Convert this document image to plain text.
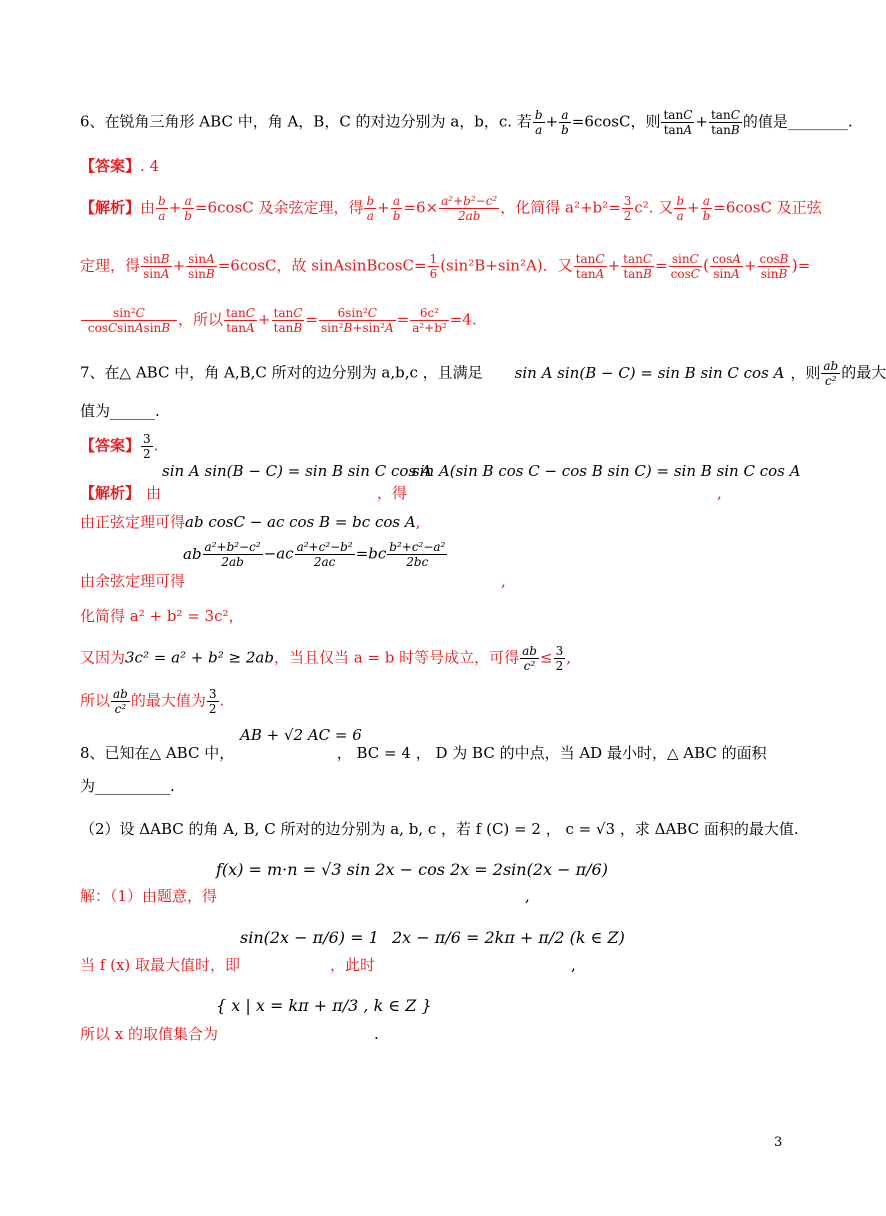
6、在锐角三角形 ABC 中，角 A，B，C 的对边分别为 a，b，c. 若 $\frac{b}{a} + \frac{a}{b} =6\cos C$，则 $\frac{\tan C}{\tan A} + \frac{\tan C}{\tan B}$ 的值是________.
【答案】. 4
【解析】由 $\frac{b}{a} + \frac{a}{b} =6\cos C$ 及余弦定理，得 $\frac{b}{a} + \frac{a}{b} =6\times \frac{\text{a²+b²−c²}}{2ab}$ ，化简得 $a^2+b^2= \frac{3}{2} c^2$. 又 $\frac{b}{a} + \frac{a}{b} =6\cos C$ 及正弦
定理，得 $\frac{\sin B}{\sin A} + \frac{\sin A}{\sin B} =6\cos C$，故 sinAsinBcosC= $\frac{1}{6} (\sin^2B+\sin^2A)$．又 $\frac{\tan C}{\tan A} + \frac{\tan C}{\tan B} = \frac{\sin C}{\cos C}$ ( $\frac{\cos A}{\sin A} + \frac{\cos B}{\sin B}$ )=
$\frac{\text{sin²C}}{\text{cosCsinAsinB}}$ ，所以 $\frac{\tan C}{\tan A} + \frac{\tan C}{\tan B} = \frac{\text{6sin²C}}{\text{sin²B+sin²A}} = \frac{\text{6c²}}{\text{a²+b²}} =4$.
7、在△ ABC 中，角 A,B,C 所对的边分别为 a,b,c ，且满足 sin A sin(B − C) = sin B sin C cos A ，则 $\frac{ab}{\text{c²}}$ 的最大
值为______.
【答案】 $\frac{3}{2}$ .
sin A sin(B − C) = sin B sin C cos A
sin A(sin B cos C − cos B sin C) = sin B sin C cos A
【解析】 由	，得	,
由正弦定理可得ab cosC − ac cos B = bc cos A,
ab $\frac{\text{a²+b²−c²}}{2ab} -ac \frac{\text{a²+c²−b²}}{2ac} =bc \frac{\text{b²+c²−a²}}{2bc}$
由余弦定理可得	,
化简得 a² + b² = 3c²，
又因为3c² = a² + b² ≥ 2ab，当且仅当 a = b 时等号成立，可得 $\frac{ab}{\text{c²}} \le \frac{3}{2}$ ,
所以 $\frac{ab}{\text{c²}}$ 的最大值为 $\frac{3}{2}$ .
AB + √2 AC = 6
8、已知在△ ABC 中，	， BC = 4 ， D 为 BC 的中点，当 AD 最小时，△ ABC 的面积
为__________.
（2）设 ΔABC 的角 A, B, C 所对的边分别为 a, b, c ，若 f (C) = 2 ， c = √3 ，求 ΔABC 面积的最大值.
f(x) = m·n = √3 sin 2x − cos 2x = 2sin(2x − π/6)
解：（1）由题意，得	,
sin(2x − π/6) = 1 2x − π/6 = 2kπ + π/2 (k ∈ Z)
当 f (x) 取最大值时，即	，此时	,
{ x | x = kπ + π/3 , k ∈ Z }
所以 x 的取值集合为	.
3
